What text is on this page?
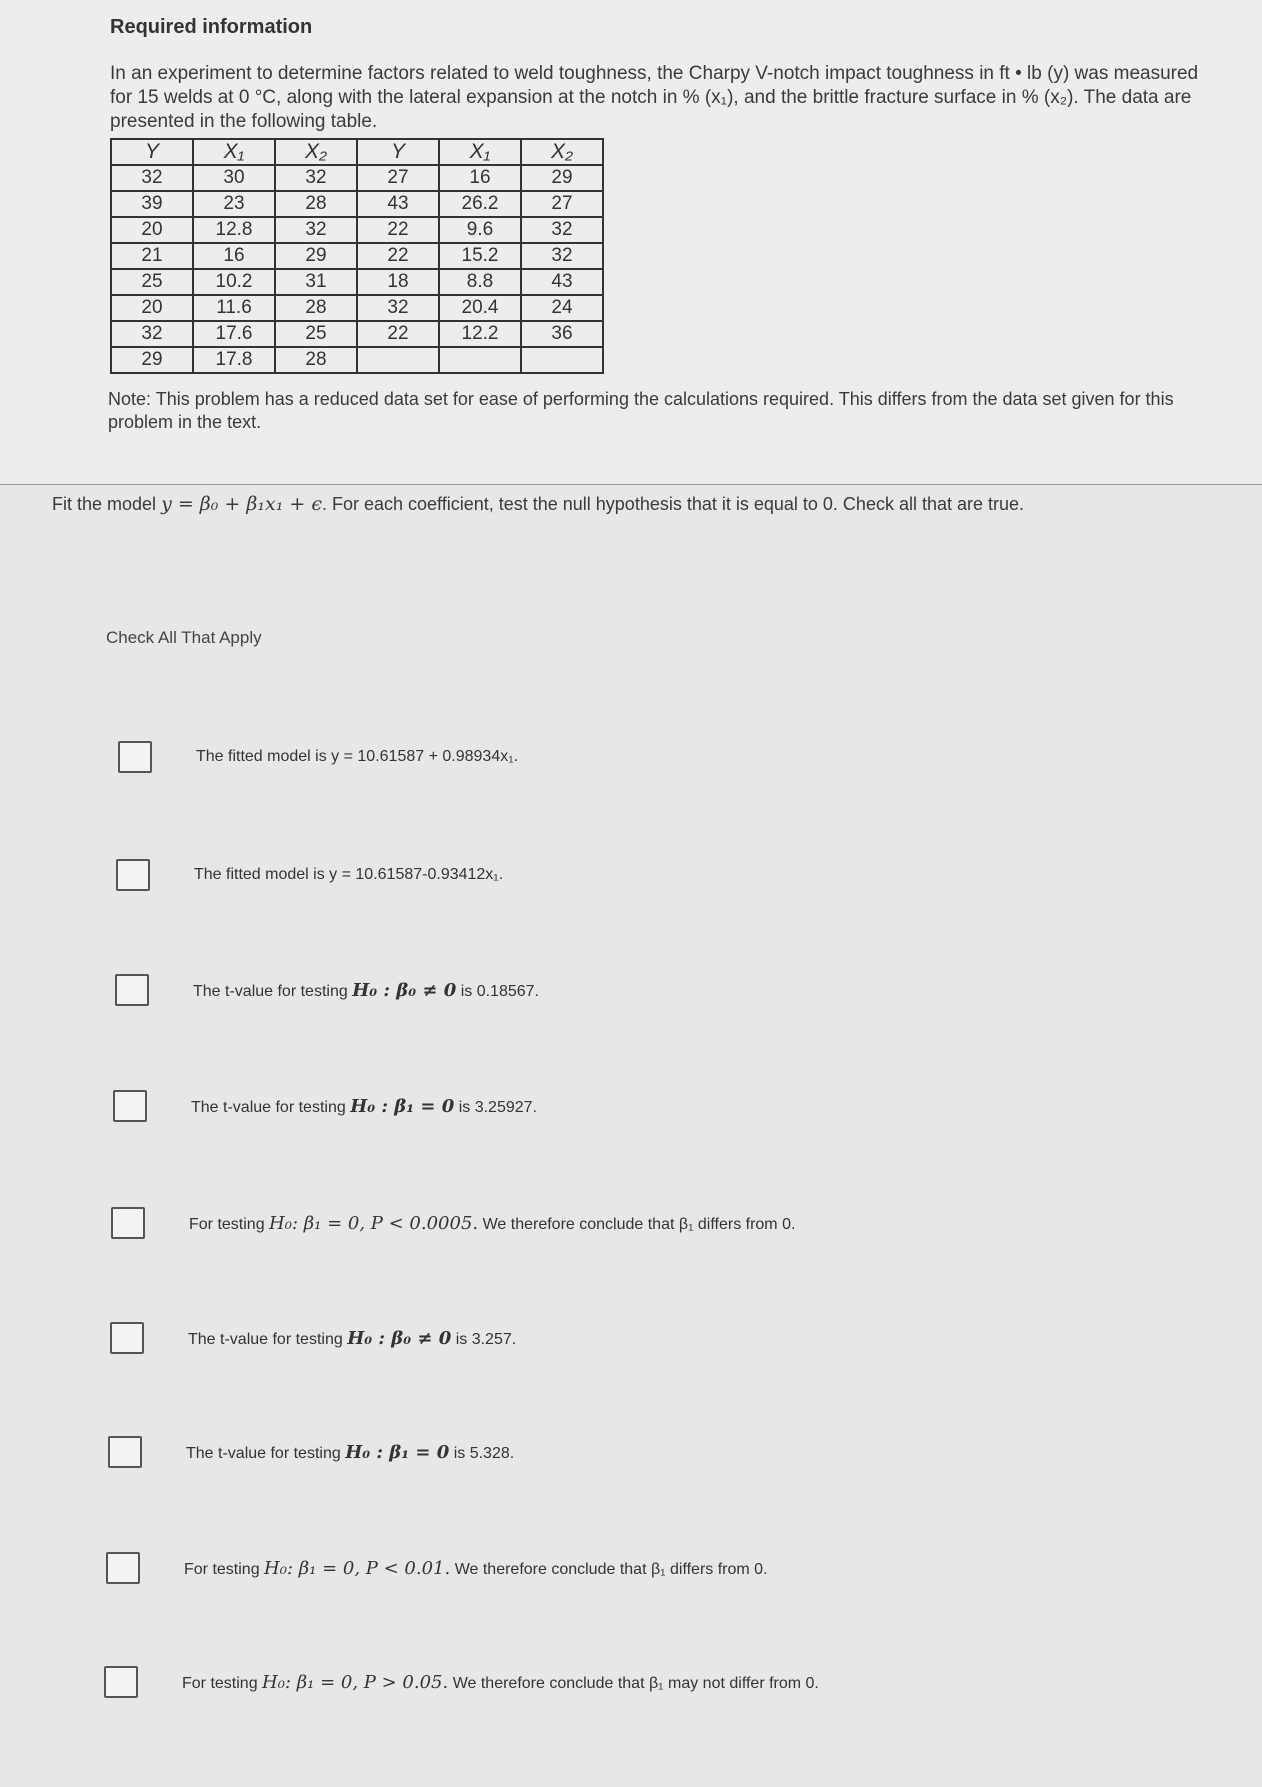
Required information
In an experiment to determine factors related to weld toughness, the Charpy V-notch impact toughness in ft • lb (y) was measured for 15 welds at 0 °C, along with the lateral expansion at the notch in % (x₁), and the brittle fracture surface in % (x₂). The data are presented in the following table.
Y	X₁	X₂	Y	X₁	X₂
32	30	32	27	16	29
39	23	28	43	26.2	27
20	12.8	32	22	9.6	32
21	16	29	22	15.2	32
25	10.2	31	18	8.8	43
20	11.6	28	32	20.4	24
32	17.6	25	22	12.2	36
29	17.8	28			
Note: This problem has a reduced data set for ease of performing the calculations required. This differs from the data set given for this problem in the text.
Fit the model y = β₀ + β₁x₁ + ϵ. For each coefficient, test the null hypothesis that it is equal to 0. Check all that are true.
Check All That Apply
The fitted model is y = 10.61587 + 0.98934x₁.
The fitted model is y = 10.61587-0.93412x₁.
The t-value for testing H₀ : β₀ ≠ 0 is 0.18567.
The t-value for testing H₀ : β₁ = 0 is 3.25927.
For testing H₀: β₁ = 0, P < 0.0005. We therefore conclude that β₁ differs from 0.
The t-value for testing H₀ : β₀ ≠ 0 is 3.257.
The t-value for testing H₀ : β₁ = 0 is 5.328.
For testing H₀: β₁ = 0, P < 0.01. We therefore conclude that β₁ differs from 0.
For testing H₀: β₁ = 0, P > 0.05. We therefore conclude that β₁ may not differ from 0.
